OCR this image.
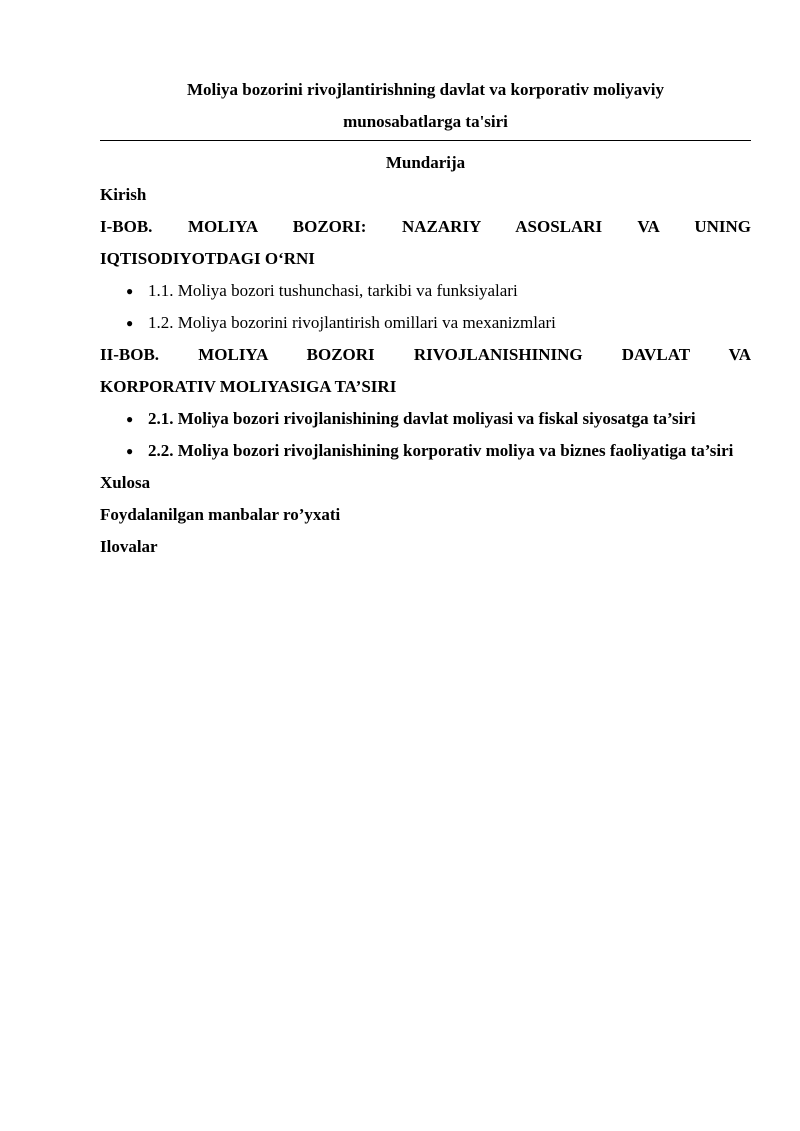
Moliya bozorini rivojlantirishning davlat va korporativ moliyaviy
munosabatlarga ta'siri
Mundarija

Kirish

I-BOB. MOLIYA BOZORI: NAZARIY ASOSLARI VA UNING
IQTISODIYOTDAGI O‘RNI
● 1.1. Moliya bozori tushunchasi, tarkibi va funksiyalari
● 1.2. Moliya bozorini rivojlantirish omillari va mexanizmlari
II-BOB. MOLIYA BOZORI RIVOJLANISHINING DAVLAT VA
KORPORATIV MOLIYASIGA TA’SIRI
● 2.1. Moliya bozori rivojlanishining davlat moliyasi va fiskal siyosatga ta’siri
● 2.2. Moliya bozori rivojlanishining korporativ moliya va biznes faoliyatiga ta’siri

Xulosa

Foydalanilgan manbalar ro’yxati

Ilovalar
